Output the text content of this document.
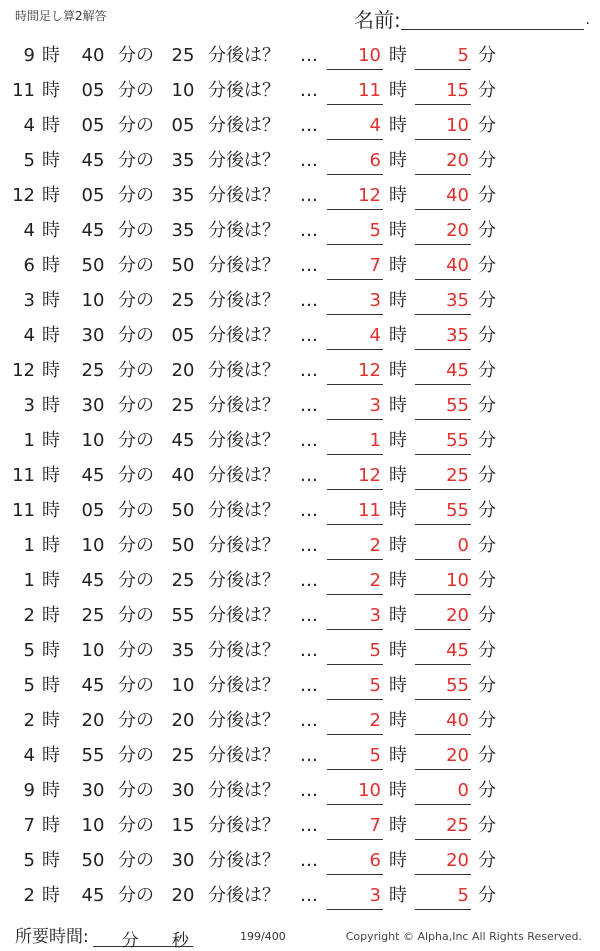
時間足し算2解答	名前:	.
9 時 40 分の 25 分後は？ …	10 時	5 分
11 時 05 分の 10 分後は？ …	11 時	15 分
4 時 05 分の 05 分後は？ …	4 時	10 分
5 時 45 分の 35 分後は？ …	6 時	20 分
12 時 05 分の 35 分後は？ …	12 時	40 分
4 時 45 分の 35 分後は？ …	5 時	20 分
6 時 50 分の 50 分後は？ …	7 時	40 分
3 時 10 分の 25 分後は？ …	3 時	35 分
4 時 30 分の 05 分後は？ …	4 時	35 分
12 時 25 分の 20 分後は？ …	12 時	45 分
3 時 30 分の 25 分後は？ …	3 時	55 分
1 時 10 分の 45 分後は？ …	1 時	55 分
11 時 45 分の 40 分後は？ …	12 時	25 分
11 時 05 分の 50 分後は？ …	11 時	55 分
1 時 10 分の 50 分後は？ …	2 時	0 分
1 時 45 分の 25 分後は？ …	2 時	10 分
2 時 25 分の 55 分後は？ …	3 時	20 分
5 時 10 分の 35 分後は？ …	5 時	45 分
5 時 45 分の 10 分後は？ …	5 時	55 分
2 時 20 分の 20 分後は？ …	2 時	40 分
4 時 55 分の 25 分後は？ …	5 時	20 分
9 時 30 分の 30 分後は？ …	10 時	0 分
7 時 10 分の 15 分後は？ …	7 時	25 分
5 時 50 分の 30 分後は？ …	6 時	20 分
2 時 45 分の 20 分後は？ …	3 時	5 分
所要時間: 分 秒	199/400	Copyright © Alpha,Inc All Rights Reserved.
